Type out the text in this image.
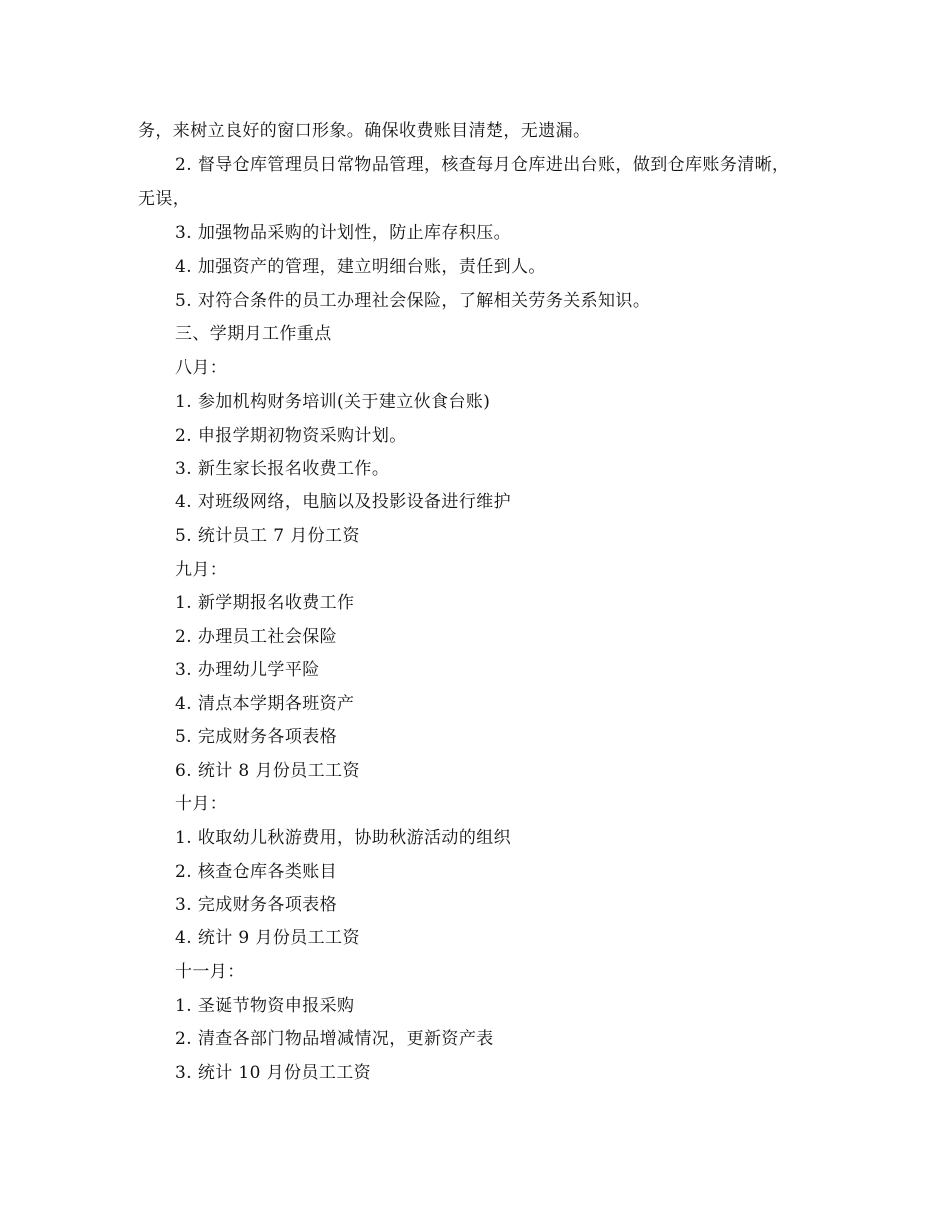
务，来树立良好的窗口形象。确保收费账目清楚，无遗漏。
2. 督导仓库管理员日常物品管理，核查每月仓库进出台账，做到仓库账务清晰，
无误，
3. 加强物品采购的计划性，防止库存积压。
4. 加强资产的管理，建立明细台账，责任到人。
5. 对符合条件的员工办理社会保险，了解相关劳务关系知识。
三、学期月工作重点
八月：
1. 参加机构财务培训(关于建立伙食台账)
2. 申报学期初物资采购计划。
3. 新生家长报名收费工作。
4. 对班级网络，电脑以及投影设备进行维护
5. 统计员工 7 月份工资
九月：
1. 新学期报名收费工作
2. 办理员工社会保险
3. 办理幼儿学平险
4. 清点本学期各班资产
5. 完成财务各项表格
6. 统计 8 月份员工工资
十月：
1. 收取幼儿秋游费用，协助秋游活动的组织
2. 核查仓库各类账目
3. 完成财务各项表格
4. 统计 9 月份员工工资
十一月：
1. 圣诞节物资申报采购
2. 清查各部门物品增减情况，更新资产表
3. 统计 10 月份员工工资
